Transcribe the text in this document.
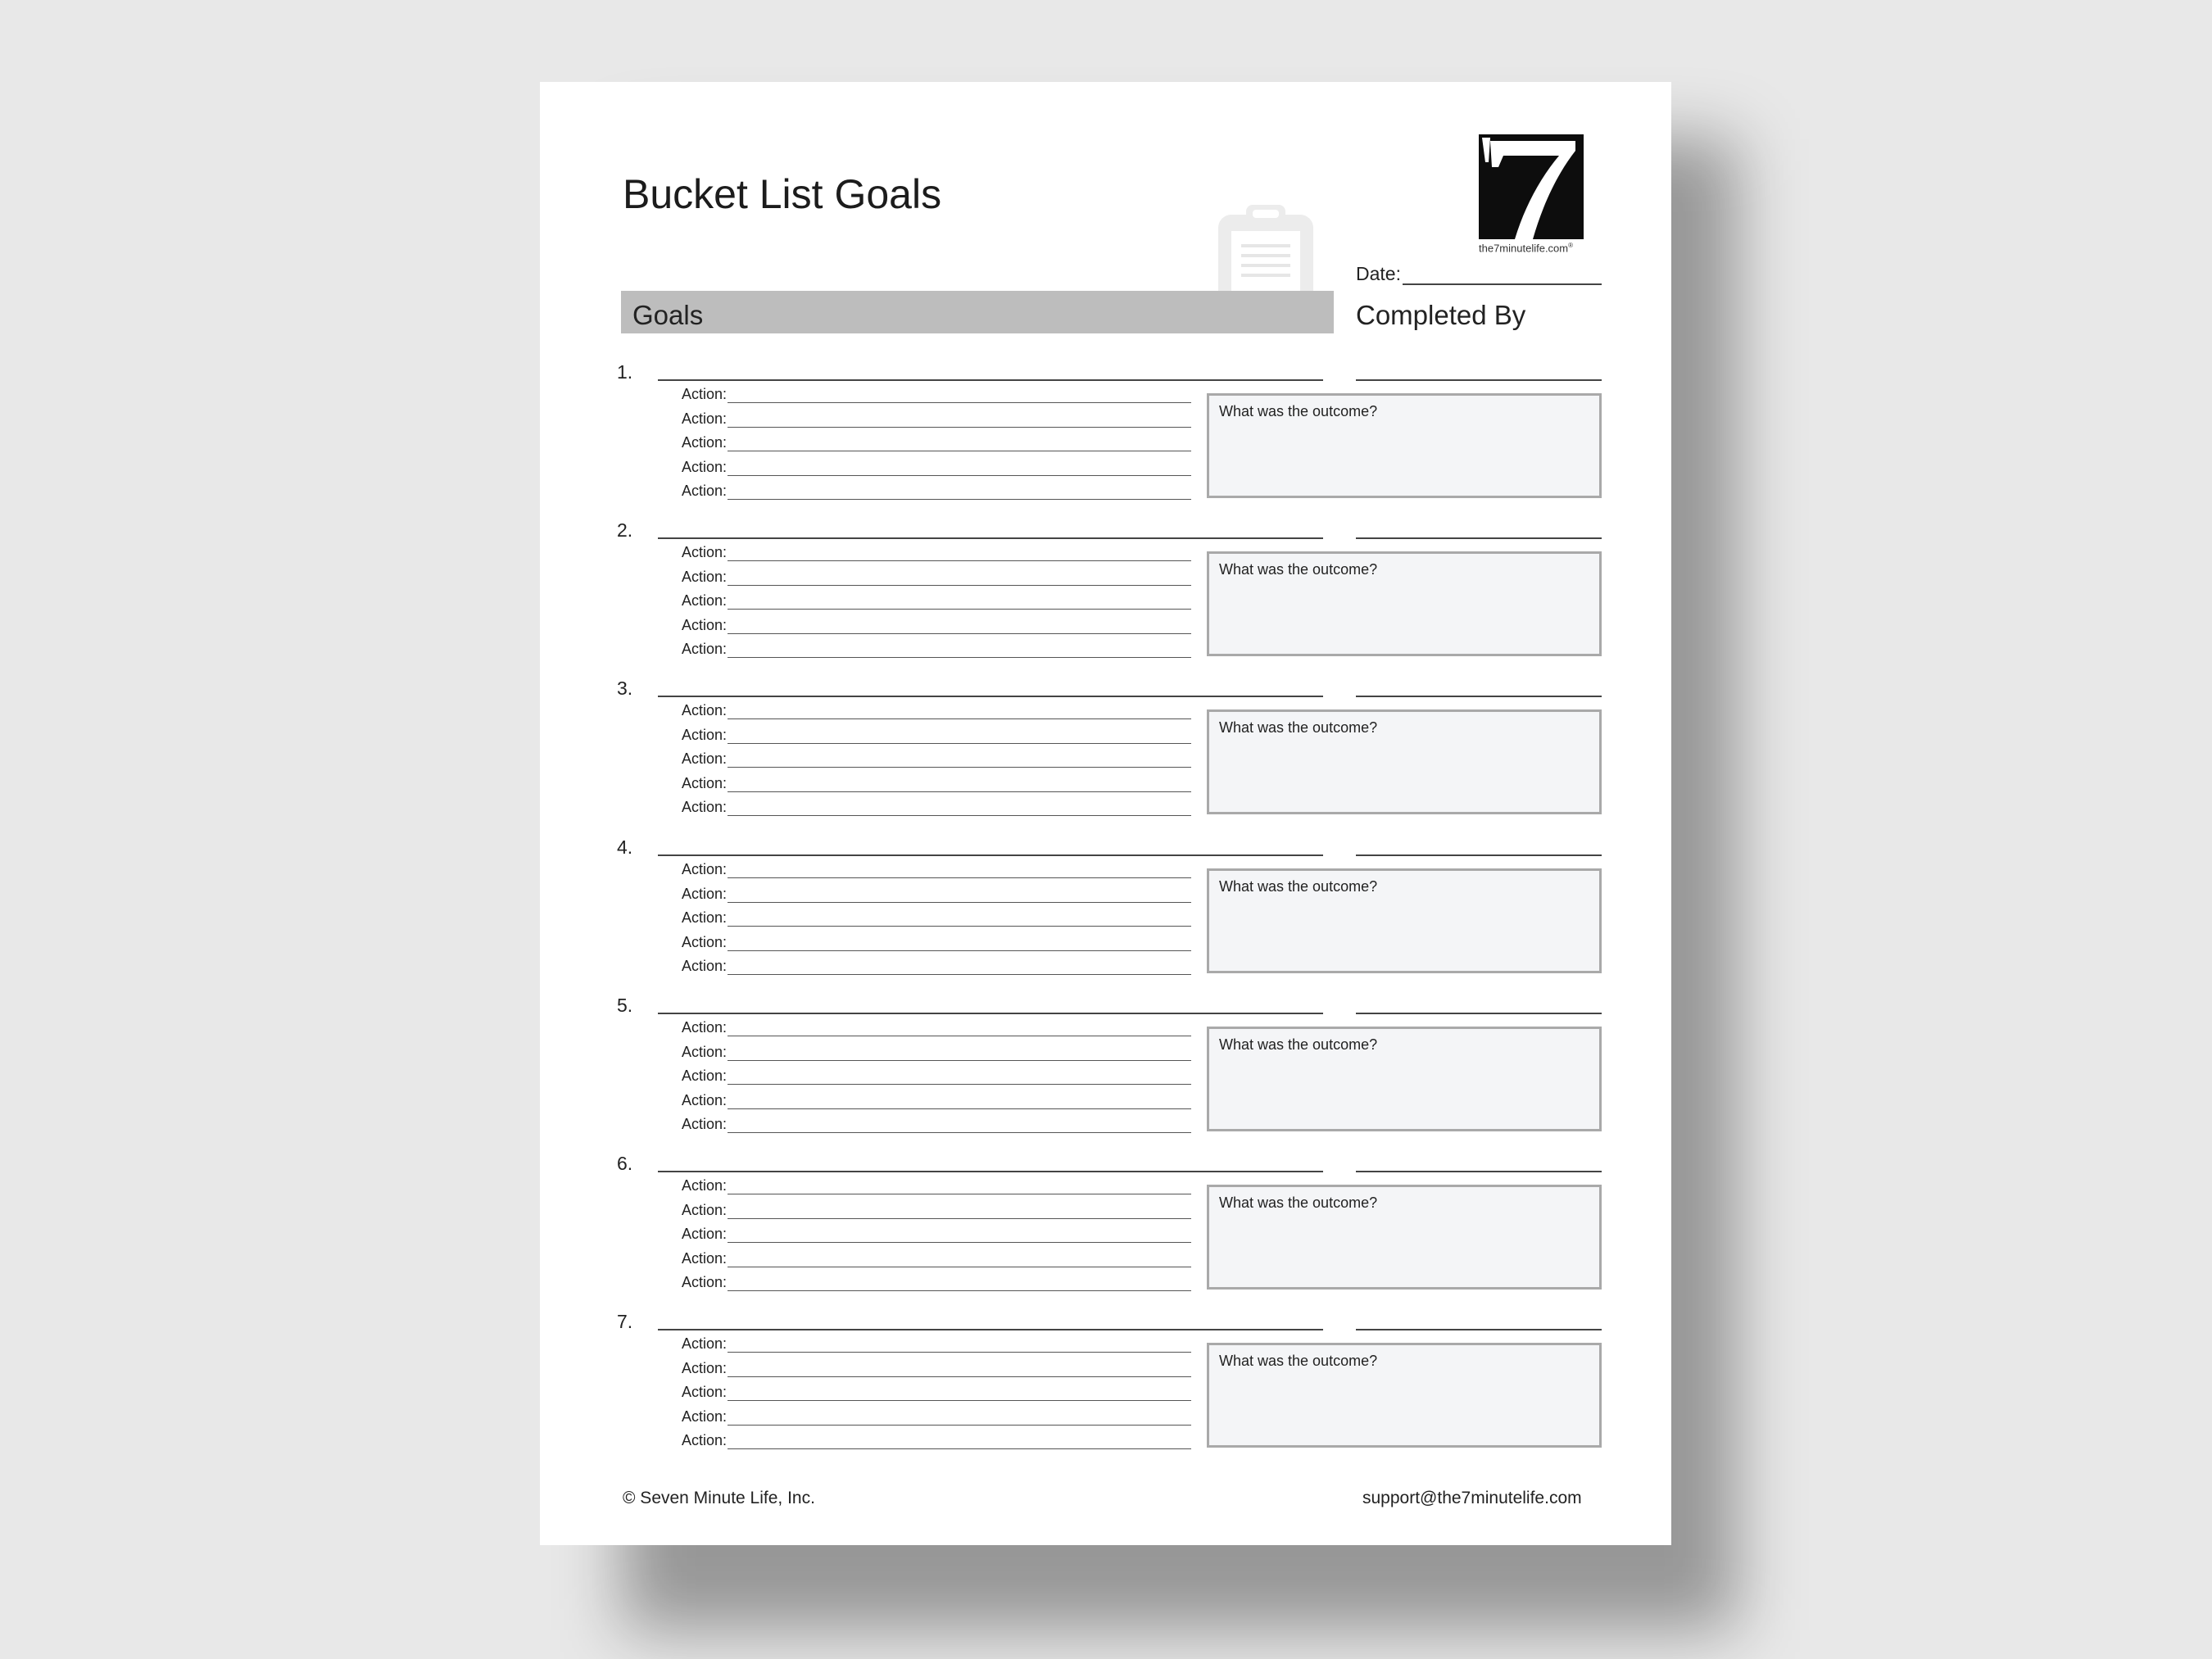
Bucket List Goals
the7minutelife.com®
Date:
Goals	Completed By
1.
Action:
Action:
Action:
Action:
Action:
What was the outcome?
2.
Action:
Action:
Action:
Action:
Action:
What was the outcome?
3.
Action:
Action:
Action:
Action:
Action:
What was the outcome?
4.
Action:
Action:
Action:
Action:
Action:
What was the outcome?
5.
Action:
Action:
Action:
Action:
Action:
What was the outcome?
6.
Action:
Action:
Action:
Action:
Action:
What was the outcome?
7.
Action:
Action:
Action:
Action:
Action:
What was the outcome?
© Seven Minute Life, Inc.	support@the7minutelife.com
